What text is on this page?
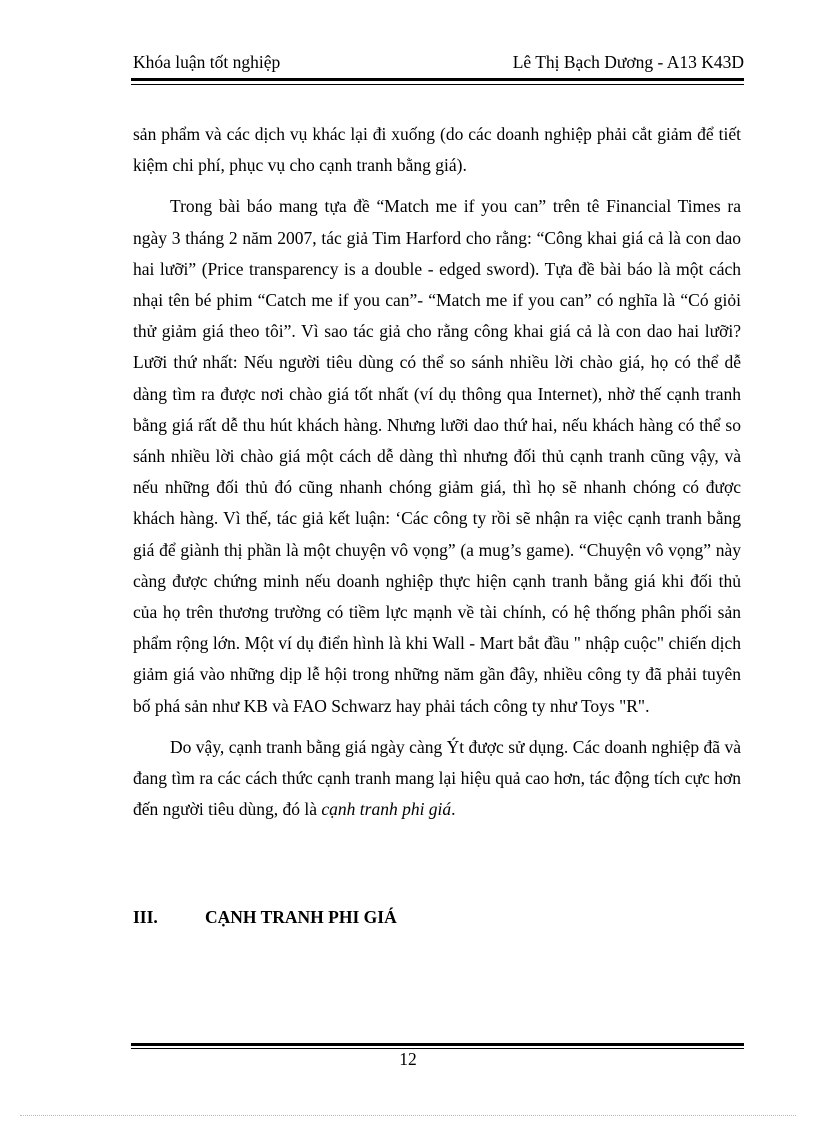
Khóa luận tốt nghiệp	Lê Thị Bạch Dương - A13 K43D

sản phẩm và các dịch vụ khác lại đi xuống (do các doanh nghiệp phải cắt giảm để tiết kiệm chi phí, phục vụ cho cạnh tranh bằng giá).

Trong bài báo mang tựa đề “Match me if you can” trên tê Financial Times ra ngày 3 tháng 2 năm 2007, tác giả Tim Harford cho rằng: “Công khai giá cả là con dao hai lưỡi” (Price transparency is a double - edged sword). Tựa đề bài báo là một cách nhại tên bé phim “Catch me if you can”- “Match me if you can” có nghĩa là “Có giỏi thử giảm giá theo tôi”. Vì sao tác giả cho rằng công khai giá cả là con dao hai lưỡi? Lưỡi thứ nhất: Nếu người tiêu dùng có thể so sánh nhiều lời chào giá, họ có thể dễ dàng tìm ra được nơi chào giá tốt nhất (ví dụ thông qua Internet), nhờ thế cạnh tranh bằng giá rất dễ thu hút khách hàng. Nhưng lưỡi dao thứ hai, nếu khách hàng có thể so sánh nhiều lời chào giá một cách dễ dàng thì nhưng đối thủ cạnh tranh cũng vậy, và nếu những đối thủ đó cũng nhanh chóng giảm giá, thì họ sẽ nhanh chóng có được khách hàng. Vì thế, tác giả kết luận: ‘Các công ty rồi sẽ nhận ra việc cạnh tranh bằng giá để giành thị phần là một chuyện vô vọng” (a mug’s game). “Chuyện vô vọng” này càng được chứng minh nếu doanh nghiệp thực hiện cạnh tranh bằng giá khi đối thủ của họ trên thương trường có tiềm lực mạnh về tài chính, có hệ thống phân phối sản phẩm rộng lớn. Một ví dụ điển hình là khi Wall - Mart bắt đầu " nhập cuộc" chiến dịch giảm giá vào những dịp lễ hội trong những năm gần đây, nhiều công ty đã phải tuyên bố phá sản như KB và FAO Schwarz hay phải tách công ty như Toys "R".

Do vậy, cạnh tranh bằng giá ngày càng Ýt được sử dụng. Các doanh nghiệp đã và đang tìm ra các cách thức cạnh tranh mang lại hiệu quả cao hơn, tác động tích cực hơn đến người tiêu dùng, đó là cạnh tranh phi giá.

III.	CẠNH TRANH PHI GIÁ
12
